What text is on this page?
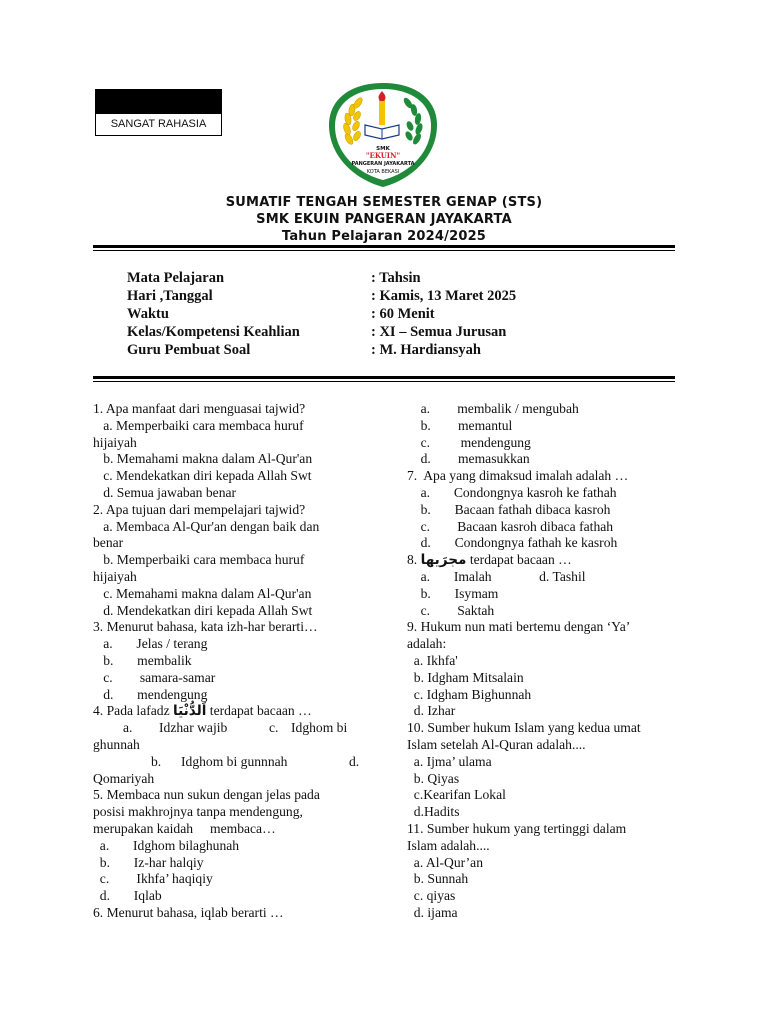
SANGAT RAHASIA
SMK
"EKUIN"
PANGERAN JAYAKARTA
KOTA BEKASI
SUMATIF TENGAH SEMESTER GENAP (STS)
SMK EKUIN PANGERAN JAYAKARTA
Tahun Pelajaran 2024/2025
Mata Pelajaran	: Tahsin
Hari ,Tanggal	: Kamis, 13 Maret 2025
Waktu	: 60 Menit
Kelas/Kompetensi Keahlian	: XI – Semua Jurusan
Guru Pembuat Soal	: M. Hardiansyah
1. Apa manfaat dari menguasai tajwid?
a. Memperbaiki cara membaca huruf
hijaiyah
b. Memahami makna dalam Al-Qur'an
c. Mendekatkan diri kepada Allah Swt
d. Semua jawaban benar
2. Apa tujuan dari mempelajari tajwid?
a. Membaca Al-Qur'an dengan baik dan
benar
b. Memperbaiki cara membaca huruf
hijaiyah
c. Memahami makna dalam Al-Qur'an
d. Mendekatkan diri kepada Allah Swt
3. Menurut bahasa, kata izh-har berarti…
a.       Jelas / terang
b.       membalik
c.        samara-samar
d.       mendengung
4. Pada lafadz اَلدُّنْيَا terdapat bacaan …
a. Idzhar wajib	c. Idghom bi
ghunnah
b. Idghom bi gunnnah	d.
Qomariyah
5. Membaca nun sukun dengan jelas pada
posisi makhrojnya tanpa mendengung,
merupakan kaidah     membaca…
a.       Idghom bilaghunah
b.       Iz-har halqiy
c.        Ikhfa’ haqiqiy
d.       Iqlab
6. Menurut bahasa, iqlab berarti …
a.        membalik / mengubah
b.        memantul
c.         mendengung
d.        memasukkan
7.  Apa yang dimaksud imalah adalah …
a.       Condongnya kasroh ke fathah
b.       Bacaan fathah dibaca kasroh
c.        Bacaan kasroh dibaca fathah
d.       Condongnya fathah ke kasroh
8. مجرَيها terdapat bacaan …
a.       Imalah              d. Tashil
b.       Isymam
c.        Saktah
9. Hukum nun mati bertemu dengan ‘Ya’
adalah:
a. Ikhfa'
b. Idgham Mitsalain
c. Idgham Bighunnah
d. Izhar
10. Sumber hukum Islam yang kedua umat
Islam setelah Al-Quran adalah....
a. Ijma’ ulama
b. Qiyas
c.Kearifan Lokal
d.Hadits
11. Sumber hukum yang tertinggi dalam
Islam adalah....
a. Al-Qur’an
b. Sunnah
c. qiyas
d. ijama
